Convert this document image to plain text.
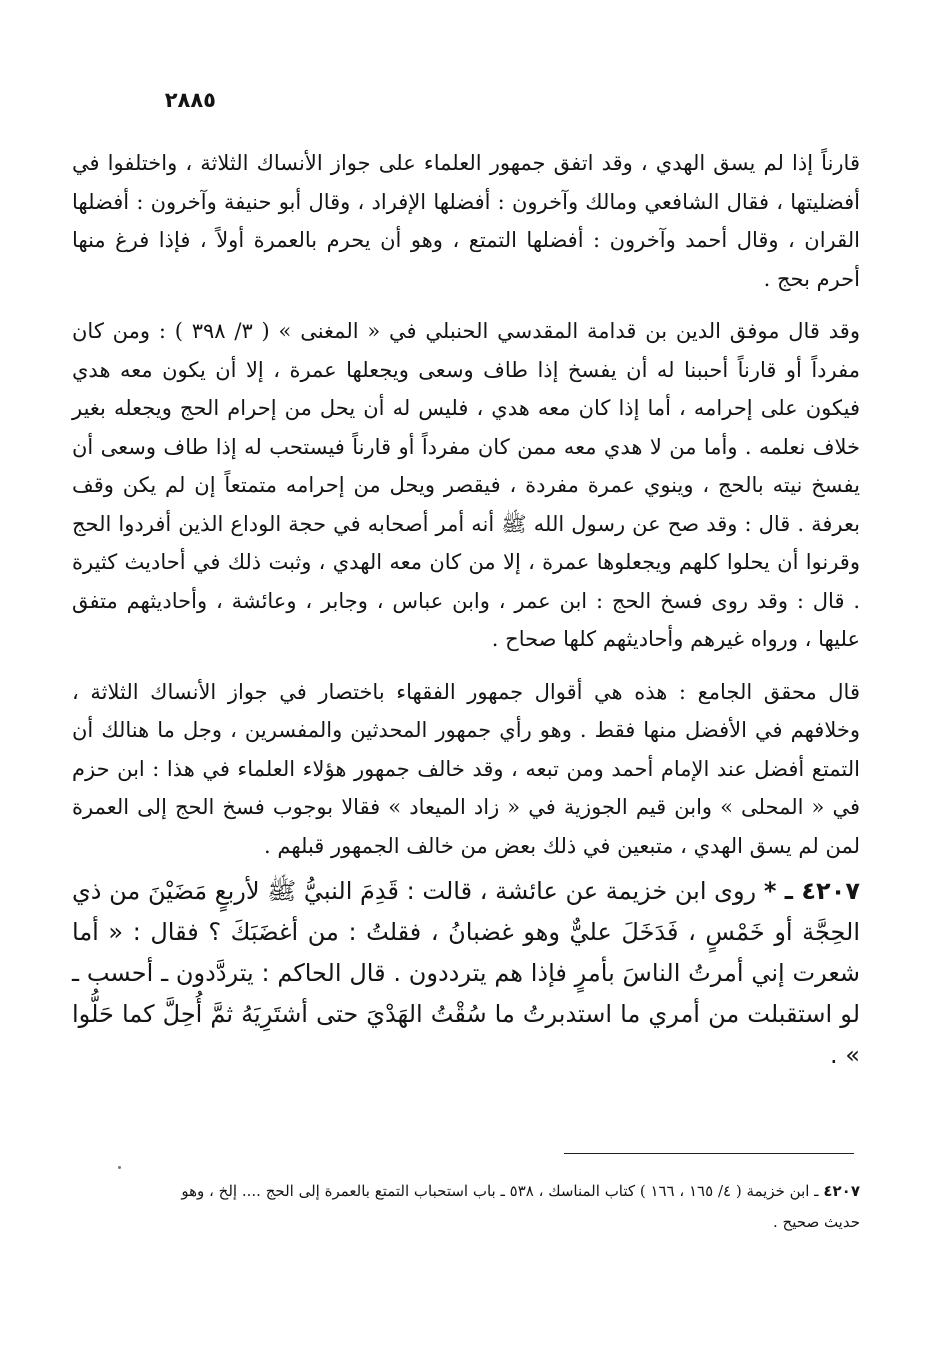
٢٨٨٥

قارناً إذا لم يسق الهدي ، وقد اتفق جمهور العلماء على جواز الأنساك الثلاثة ، واختلفوا في أفضليتها ، فقال الشافعي ومالك وآخرون : أفضلها الإفراد ، وقال أبو حنيفة وآخرون : أفضلها القران ، وقال أحمد وآخرون : أفضلها التمتع ، وهو أن يحرم بالعمرة أولاً ، فإذا فرغ منها أحرم بحج .

وقد قال موفق الدين بن قدامة المقدسي الحنبلي في « المغنى » ( ٣/ ٣٩٨ ) : ومن كان مفرداً أو قارناً أحببنا له أن يفسخ إذا طاف وسعى ويجعلها عمرة ، إلا أن يكون معه هدي فيكون على إحرامه ، أما إذا كان معه هدي ، فليس له أن يحل من إحرام الحج ويجعله بغير خلاف نعلمه . وأما من لا هدي معه ممن كان مفرداً أو قارناً فيستحب له إذا طاف وسعى أن يفسخ نيته بالحج ، وينوي عمرة مفردة ، فيقصر ويحل من إحرامه متمتعاً إن لم يكن وقف بعرفة . قال : وقد صح عن رسول الله ﷺ أنه أمر أصحابه في حجة الوداع الذين أفردوا الحج وقرنوا أن يحلوا كلهم ويجعلوها عمرة ، إلا من كان معه الهدي ، وثبت ذلك في أحاديث كثيرة . قال : وقد روى فسخ الحج : ابن عمر ، وابن عباس ، وجابر ، وعائشة ، وأحاديثهم متفق عليها ، ورواه غيرهم وأحاديثهم كلها صحاح .

قال محقق الجامع : هذه هي أقوال جمهور الفقهاء باختصار في جواز الأنساك الثلاثة ، وخلافهم في الأفضل منها فقط . وهو رأي جمهور المحدثين والمفسرين ، وجل ما هنالك أن التمتع أفضل عند الإمام أحمد ومن تبعه ، وقد خالف جمهور هؤلاء العلماء في هذا : ابن حزم في « المحلى » وابن قيم الجوزية في « زاد الميعاد » فقالا بوجوب فسخ الحج إلى العمرة لمن لم يسق الهدي ، متبعين في ذلك بعض من خالف الجمهور قبلهم .

٤٢٠٧ ـ * روى ابن خزيمة عن عائشة ، قالت : قَدِمَ النبيُّ ﷺ لأربعٍ مَضَيْنَ من ذي الحِجَّة أو خَمْسٍ ، فَدَخَلَ عليٌّ وهو غضبانُ ، فقلتُ : من أغضَبَكَ ؟ فقال : « أما شعرت إني أمرتُ الناسَ بأمرٍ فإذا هم يترددون . قال الحاكم : يتردَّدون ـ أحسب ـ لو استقبلت من أمري ما استدبرتُ ما سُقْتُ الهَدْيَ حتى أشتَرِيَهُ ثمَّ أُحِلَّ كما حَلُّوا » .

٤٢٠٧ ـ ابن خزيمة ( ٤/ ١٦٥ ، ١٦٦ ) كتاب المناسك ، ٥٣٨ ـ باب استحباب التمتع بالعمرة إلى الحج .... إلخ ، وهو حديث صحيح .
